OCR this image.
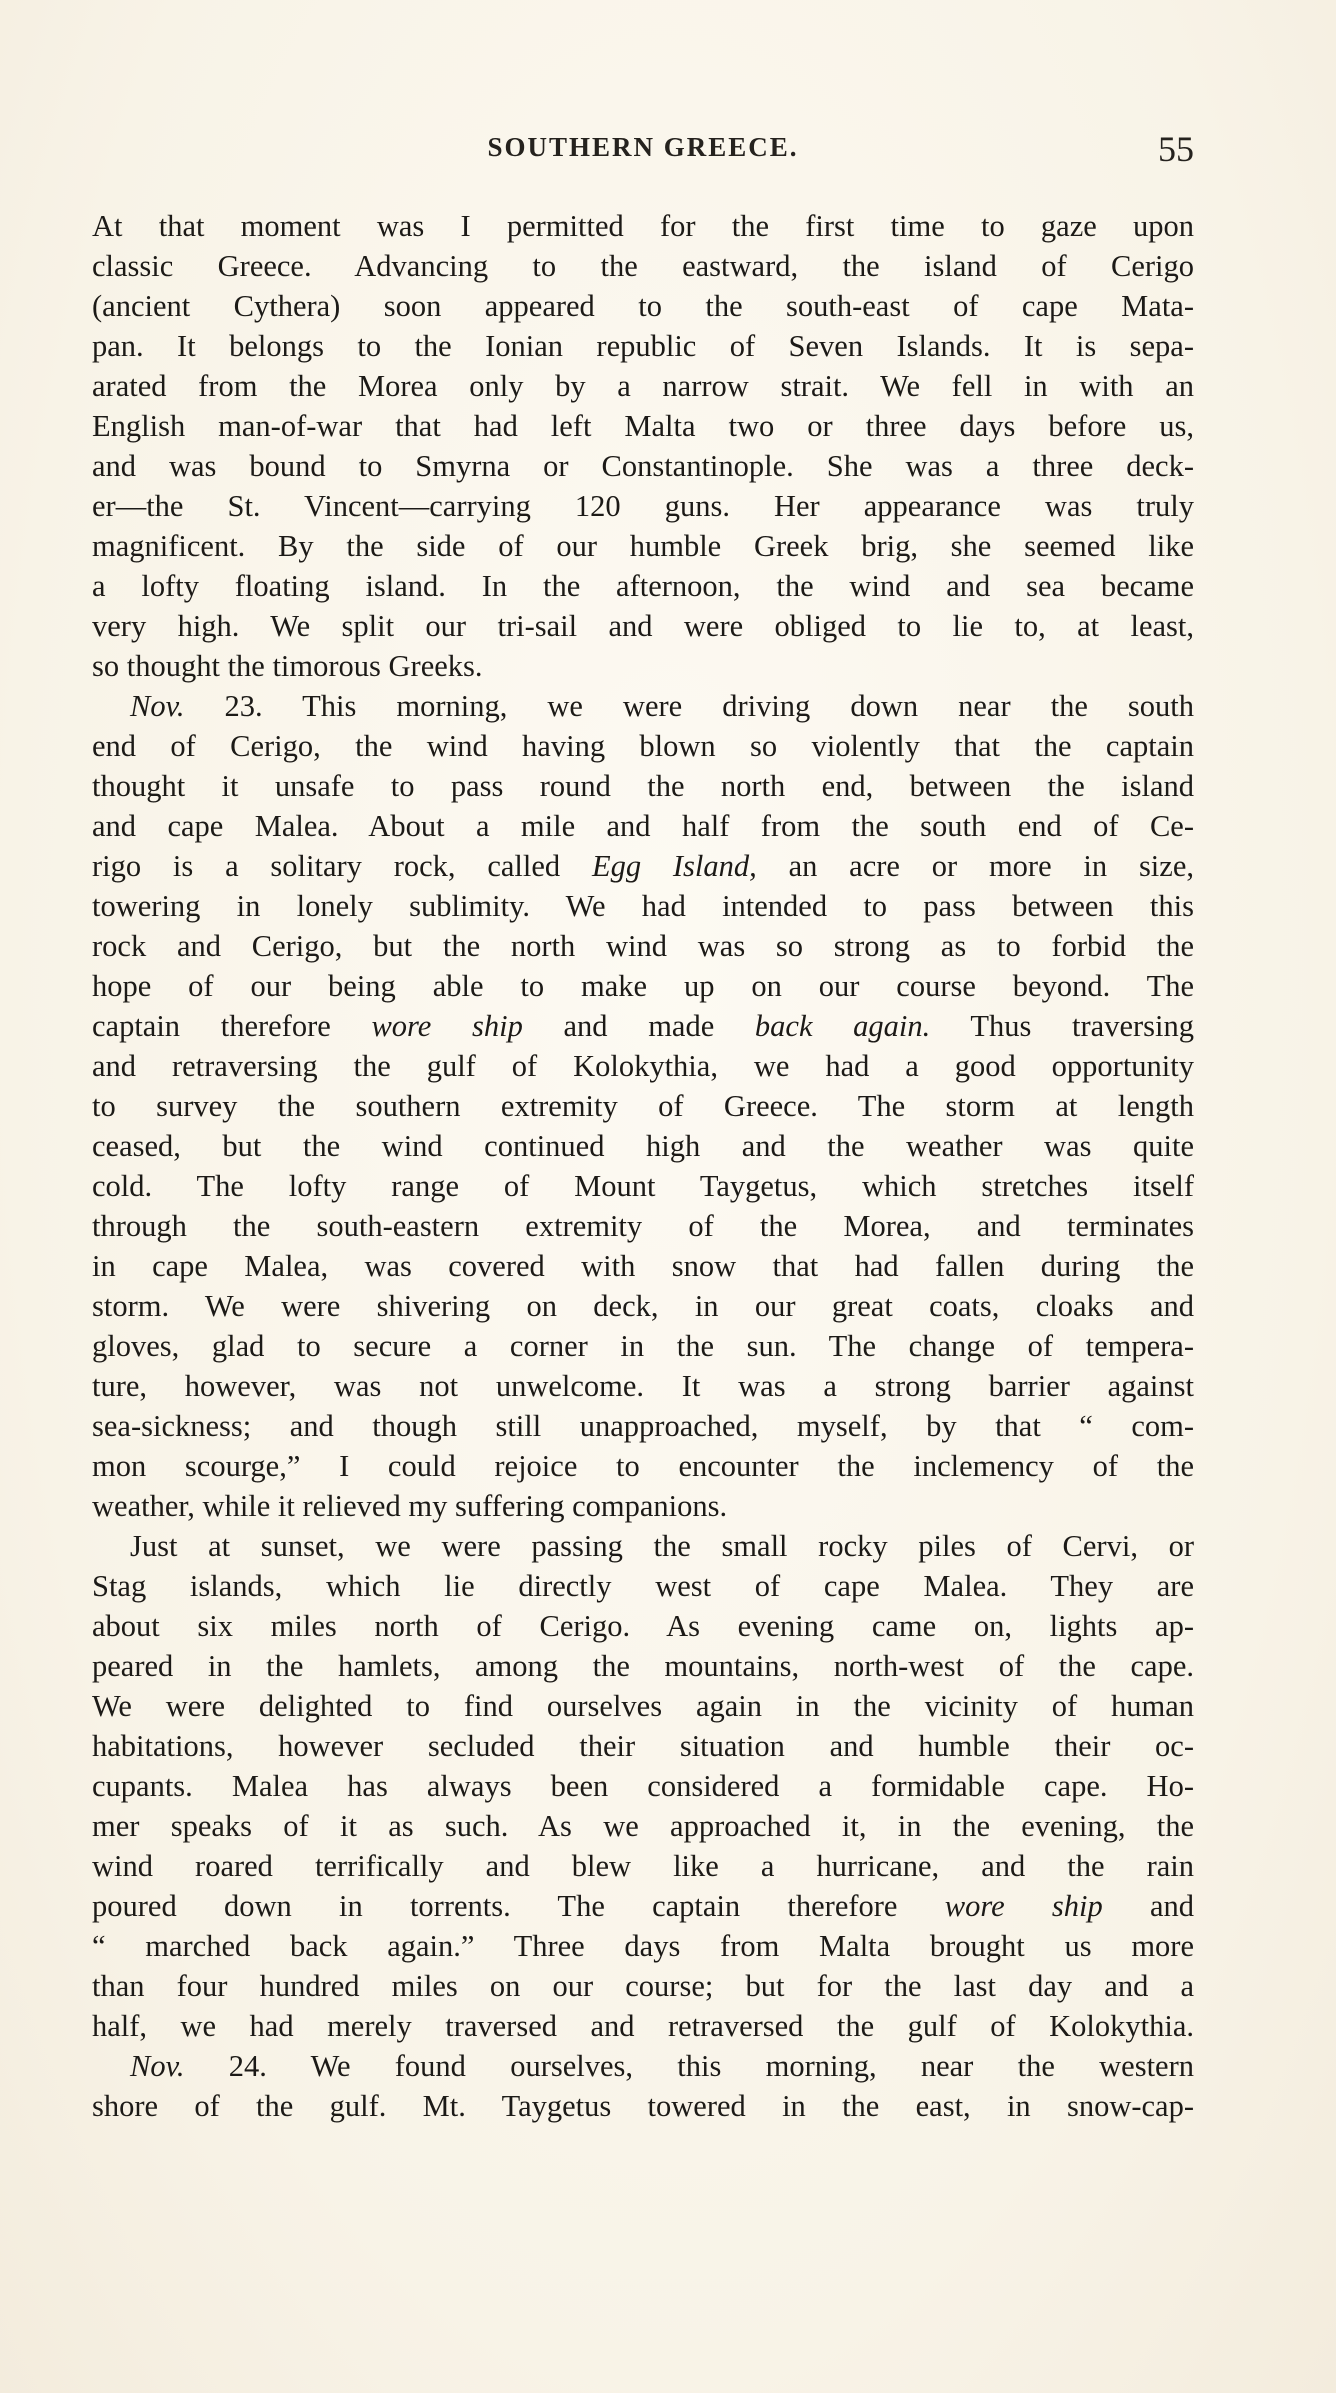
SOUTHERN GREECE.	55
At that moment was I permitted for the first time to gaze upon
classic Greece. Advancing to the eastward, the island of Cerigo
(ancient Cythera) soon appeared to the south-east of cape Mata-
pan. It belongs to the Ionian republic of Seven Islands. It is sepa-
arated from the Morea only by a narrow strait. We fell in with an
English man-of-war that had left Malta two or three days before us,
and was bound to Smyrna or Constantinople. She was a three deck-
er—the St. Vincent—carrying 120 guns. Her appearance was truly
magnificent. By the side of our humble Greek brig, she seemed like
a lofty floating island. In the afternoon, the wind and sea became
very high. We split our tri-sail and were obliged to lie to, at least,
so thought the timorous Greeks.
Nov. 23. This morning, we were driving down near the south
end of Cerigo, the wind having blown so violently that the captain
thought it unsafe to pass round the north end, between the island
and cape Malea. About a mile and half from the south end of Ce-
rigo is a solitary rock, called Egg Island, an acre or more in size,
towering in lonely sublimity. We had intended to pass between this
rock and Cerigo, but the north wind was so strong as to forbid the
hope of our being able to make up on our course beyond. The
captain therefore wore ship and made back again. Thus traversing
and retraversing the gulf of Kolokythia, we had a good opportunity
to survey the southern extremity of Greece. The storm at length
ceased, but the wind continued high and the weather was quite
cold. The lofty range of Mount Taygetus, which stretches itself
through the south-eastern extremity of the Morea, and terminates
in cape Malea, was covered with snow that had fallen during the
storm. We were shivering on deck, in our great coats, cloaks and
gloves, glad to secure a corner in the sun. The change of tempera-
ture, however, was not unwelcome. It was a strong barrier against
sea-sickness; and though still unapproached, myself, by that “ com-
mon scourge,” I could rejoice to encounter the inclemency of the
weather, while it relieved my suffering companions.
Just at sunset, we were passing the small rocky piles of Cervi, or
Stag islands, which lie directly west of cape Malea. They are
about six miles north of Cerigo. As evening came on, lights ap-
peared in the hamlets, among the mountains, north-west of the cape.
We were delighted to find ourselves again in the vicinity of human
habitations, however secluded their situation and humble their oc-
cupants. Malea has always been considered a formidable cape. Ho-
mer speaks of it as such. As we approached it, in the evening, the
wind roared terrifically and blew like a hurricane, and the rain
poured down in torrents. The captain therefore wore ship and
“ marched back again.” Three days from Malta brought us more
than four hundred miles on our course; but for the last day and a
half, we had merely traversed and retraversed the gulf of Kolokythia.
Nov. 24. We found ourselves, this morning, near the western
shore of the gulf. Mt. Taygetus towered in the east, in snow-cap-
